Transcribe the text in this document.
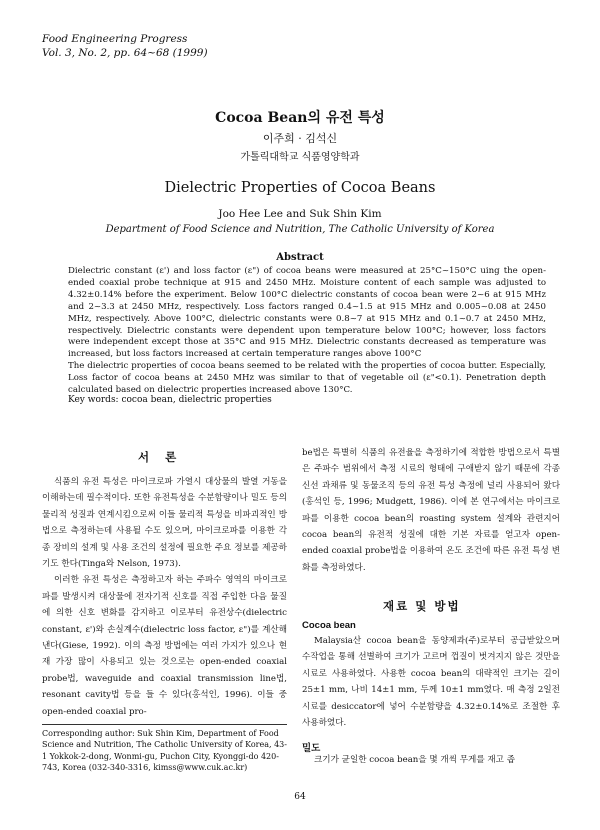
Food Engineering Progress
Vol. 3, No. 2, pp. 64~68 (1999)
Cocoa Bean의 유전 특성
이주희 · 김석신
가톨릭대학교 식품영양학과
Dielectric Properties of Cocoa Beans
Joo Hee Lee and Suk Shin Kim
Department of Food Science and Nutrition, The Catholic University of Korea
Abstract

Dielectric constant (ε') and loss factor (ε") of cocoa beans were measured at 25°C~150°C uing the open-ended coaxial probe technique at 915 and 2450 MHz. Moisture content of each sample was adjusted to 4.32±0.14% before the experiment. Below 100°C dielectric constants of cocoa bean were 2~6 at 915 MHz and 2~3.3 at 2450 MHz, respectively. Loss factors ranged 0.4~1.5 at 915 MHz and 0.005~0.08 at 2450 MHz, respectively. Above 100°C, dielectric constants were 0.8~7 at 915 MHz and 0.1~0.7 at 2450 MHz, respectively. Dielectric constants were dependent upon temperature below 100°C; however, loss factors were independent except those at 35°C and 915 MHz. Dielectric constants decreased as temperature was increased, but loss factors increased at certain temperature ranges above 100°C

The dielectric properties of cocoa beans seemed to be related with the properties of cocoa butter. Especially, Loss factor of cocoa beans at 2450 MHz was similar to that of vegetable oil (ε"<0.1). Penetration depth calculated based on dielectric properties increased above 130°C.

Key words: cocoa bean, dielectric properties
서 론

식품의 유전 특성은 마이크로파 가열시 대상물의 발열 거동을 이해하는데 필수적이다. 또한 유전특성을 수분함량이나 밀도 등의 물리적 성질과 연계시킴으로써 이들 물리적 특성을 비파괴적인 방법으로 측정하는데 사용될 수도 있으며, 마이크로파를 이용한 각종 장비의 설계 및 사용 조건의 설정에 필요한 주요 정보를 제공하기도 한다(Tinga와 Nelson, 1973).

이러한 유전 특성은 측정하고자 하는 주파수 영역의 마이크로파를 발생시켜 대상물에 전자기적 신호를 직접 주입한 다음 물질에 의한 신호 변화를 감지하고 이로부터 유전상수(dielectric constant, ε')와 손실계수(dielectric loss factor, ε")를 계산해낸다(Giese, 1992). 이의 측정 방법에는 여러 가지가 있으나 현재 가장 많이 사용되고 있는 것으로는 open-ended coaxial probe법, waveguide and coaxial transmission line법, resonant cavity법 등을 들 수 있다(홍석인, 1996). 이들 중 open-ended coaxial pro-

be법은 특별히 식품의 유전율을 측정하기에 적합한 방법으로서 특별은 주파수 범위에서 측정 시료의 형태에 구애받지 않기 때문에 각종 신선 과채류 및 동물조직 등의 유전 특성 측정에 널리 사용되어 왔다(홍석인 등, 1996; Mudgett, 1986). 이에 본 연구에서는 마이크로파를 이용한 cocoa bean의 roasting system 설계와 관련지어 cocoa bean의 유전적 성질에 대한 기본 자료를 얻고자 open-ended coaxial probe법을 이용하여 온도 조건에 따른 유전 특성 변화를 측정하였다.

재료 및 방법
Cocoa bean

Malaysia산 cocoa bean을 동양제과(주)로부터 공급받았으며 수작업을 통해 선별하여 크기가 고르며 껍질이 벗겨지지 않은 것만을 시료로 사용하였다. 사용한 cocoa bean의 대략적인 크기는 길이 25±1 mm, 나비 14±1 mm, 두께 10±1 mm였다. 매 측정 2일전 시료를 desiccator에 넣어 수분함량을 4.32±0.14%로 조절한 후 사용하였다.

밀도

크기가 균일한 cocoa bean을 몇 개씩 무게를 재고 좁

Corresponding author: Suk Shin Kim, Department of Food Science and Nutrition, The Catholic University of Korea, 43-1 Yokkok-2-dong, Wonmi-gu, Puchon City, Kyonggi-do 420-743, Korea (032-340-3316, kimss@www.cuk.ac.kr)
64
